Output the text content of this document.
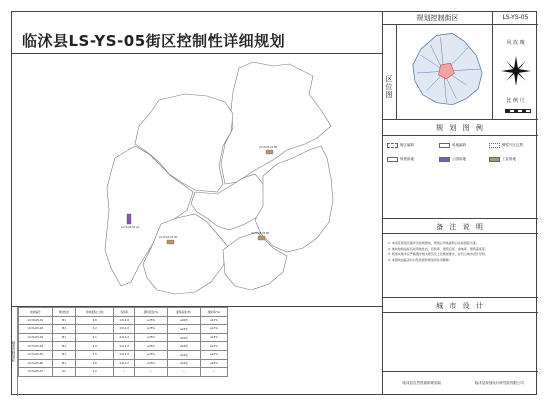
临沭县LS-YS-05街区控制性详细规划
LS-YS-05-01 M1
LS-YS-05-02 M1
LS-YS-05-03 M1
LS-YS-05-04 G1
规划控制街区	LS-YS-05
区位图
风 玫 瑰
比 例 尺
规 划 图 例
街区编码	用地编码	弹性片区边界
规划用地	公园用地	工业用地
备 注 说 明
1. 本街区规划范围详见控规图则，规划总用地面积以实际测量为准。
2. 地块控制指标包括用地性质、容积率、建筑密度、绿地率、建筑高度等。
3. 规划实施中应严格遵守相关规范及上位规划要求，并符合城市设计导则。
4. 本图则由临沭县自然资源和规划局负责解释。
城 市 设 计
临沭县自然资源和规划局	临沭县规划设计研究院有限公司
地块控制指标
地块编号	用地性质	用地面积(公顷)	容积率	建筑密度(%)	建筑高度(米)	绿地率(%)
LS-YS-05-01	M1	2.8	0.8-1.2	≥35%	≤24米	≤15%
LS-YS-05-02	M1	3.2	0.8-1.2	≥35%	≤24米	≤15%
LS-YS-05-03	M1	4.1	0.8-1.2	≥35%	≤24米	≤15%
LS-YS-05-04	M1	1.9	0.8-1.2	≥35%	≤24米	≤15%
LS-YS-05-05	M1	2.5	0.8-1.2	≥35%	≤24米	≤15%
LS-YS-05-06	M1	3.6	0.8-1.2	≥35%	≤24米	≤15%
LS-YS-05-07	G1	1.2	—	—	—	—
